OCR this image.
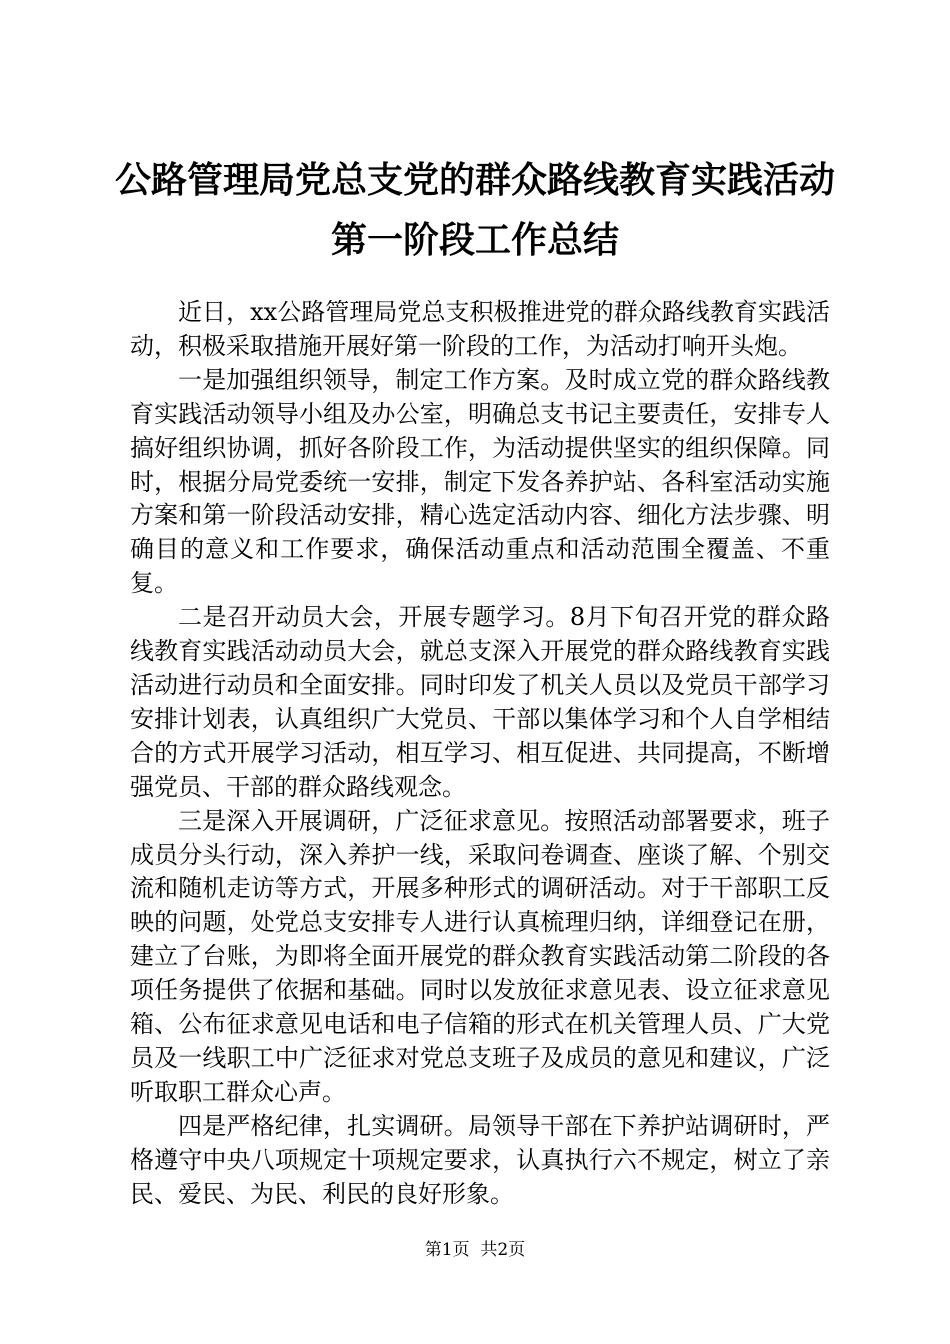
公路管理局党总支党的群众路线教育实践活动
第一阶段工作总结

近日，xx公路管理局党总支积极推进党的群众路线教育实践活动，积极采取措施开展好第一阶段的工作，为活动打响开头炮。

一是加强组织领导，制定工作方案。及时成立党的群众路线教育实践活动领导小组及办公室，明确总支书记主要责任，安排专人搞好组织协调，抓好各阶段工作，为活动提供坚实的组织保障。同时，根据分局党委统一安排，制定下发各养护站、各科室活动实施方案和第一阶段活动安排，精心选定活动内容、细化方法步骤、明确目的意义和工作要求，确保活动重点和活动范围全覆盖、不重复。

二是召开动员大会，开展专题学习。8月下旬召开党的群众路线教育实践活动动员大会，就总支深入开展党的群众路线教育实践活动进行动员和全面安排。同时印发了机关人员以及党员干部学习安排计划表，认真组织广大党员、干部以集体学习和个人自学相结合的方式开展学习活动，相互学习、相互促进、共同提高，不断增强党员、干部的群众路线观念。

三是深入开展调研，广泛征求意见。按照活动部署要求，班子成员分头行动，深入养护一线，采取问卷调查、座谈了解、个别交流和随机走访等方式，开展多种形式的调研活动。对于干部职工反映的问题，处党总支安排专人进行认真梳理归纳，详细登记在册，建立了台账，为即将全面开展党的群众教育实践活动第二阶段的各项任务提供了依据和基础。同时以发放征求意见表、设立征求意见箱、公布征求意见电话和电子信箱的形式在机关管理人员、广大党员及一线职工中广泛征求对党总支班子及成员的意见和建议，广泛听取职工群众心声。

四是严格纪律，扎实调研。局领导干部在下养护站调研时，严格遵守中央八项规定十项规定要求，认真执行六不规定，树立了亲民、爱民、为民、利民的良好形象。

第1页  共2页
